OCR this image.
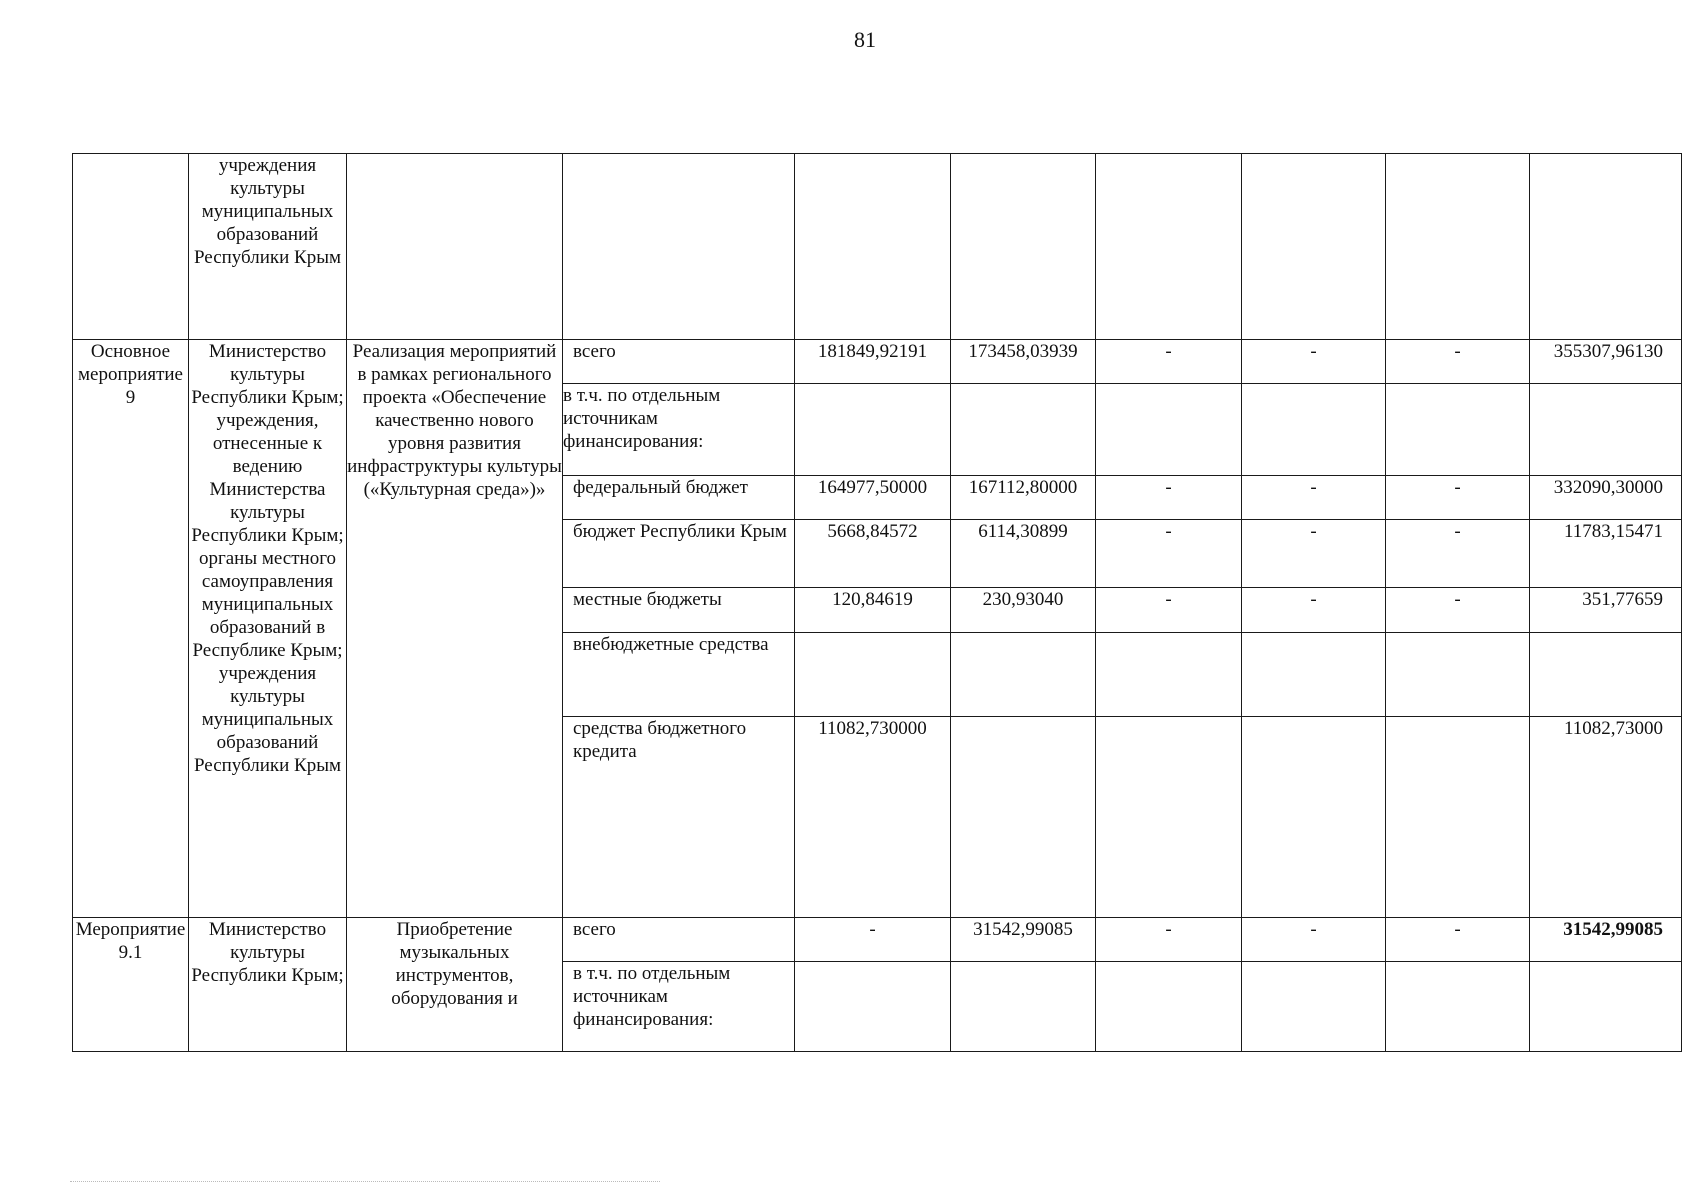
81
	учреждения культуры муниципальных образований Республики Крым								
Основное мероприятие 9	Министерство культуры Республики Крым; учреждения, отнесенные к ведению Министерства культуры Республики Крым; органы местного самоуправления муниципальных образований в Республике Крым; учреждения культуры муниципальных образований Республики Крым	Реализация мероприятий в рамках регионального проекта «Обеспечение качественно нового уровня развития инфраструктуры культуры («Культурная среда»)»	всего	181849,92191	173458,03939	-	-	-	355307,96130
			в т.ч. по отдельным источникам финансирования:						

			федеральный бюджет	164977,50000	167112,80000	-	-	-	332090,30000

			бюджет Республики Крым	5668,84572	6114,30899	-	-	-	11783,15471

			местные бюджеты	120,84619	230,93040	-	-	-	351,77659

			внебюджетные средства						

			средства бюджетного кредита	11082,730000					11082,73000
Мероприятие 9.1	Министерство культуры Республики Крым;	Приобретение музыкальных инструментов, оборудования и	всего	-	31542,99085	-	-	-	31542,99085

			в т.ч. по отдельным источникам финансирования:						
